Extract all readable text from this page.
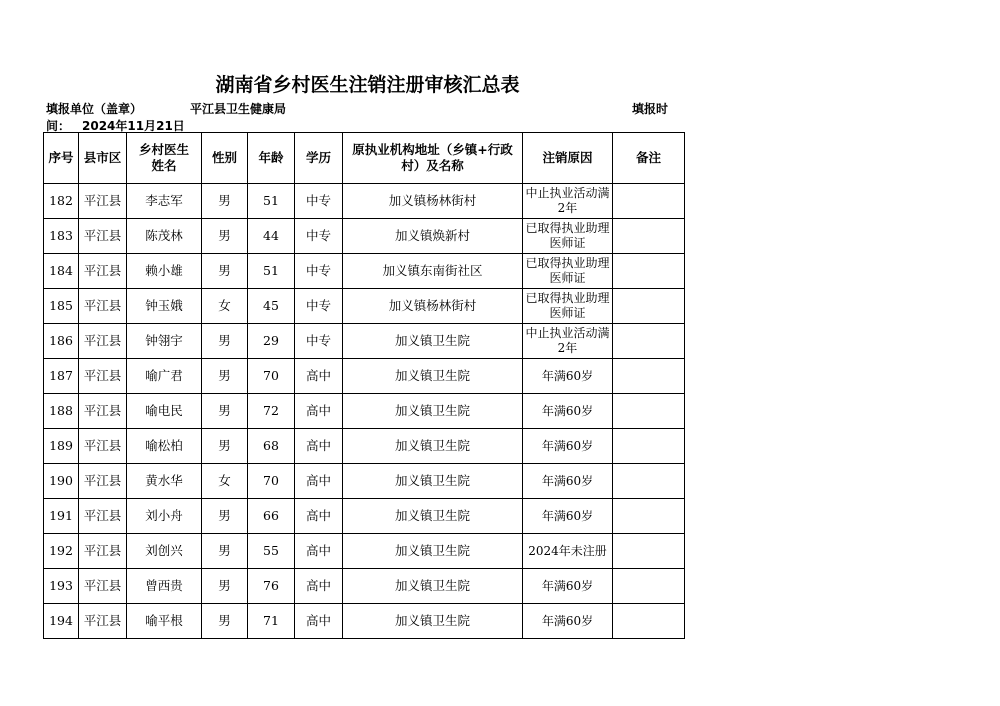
湖南省乡村医生注销注册审核汇总表
填报单位（盖章）	平江县卫生健康局	填报时
间： 2024年11月21日
序号	县市区	乡村医生姓名	性别	年龄	学历	原执业机构地址（乡镇+行政村）及名称	注销原因	备注
182	平江县	李志军	男	51	中专	加义镇杨林街村	中止执业活动满2年	
183	平江县	陈茂林	男	44	中专	加义镇焕新村	已取得执业助理医师证	
184	平江县	赖小雄	男	51	中专	加义镇东南街社区	已取得执业助理医师证	
185	平江县	钟玉娥	女	45	中专	加义镇杨林街村	已取得执业助理医师证	
186	平江县	钟翎宇	男	29	中专	加义镇卫生院	中止执业活动满2年	
187	平江县	喻广君	男	70	高中	加义镇卫生院	年满60岁	
188	平江县	喻电民	男	72	高中	加义镇卫生院	年满60岁	
189	平江县	喻松柏	男	68	高中	加义镇卫生院	年满60岁	
190	平江县	黄水华	女	70	高中	加义镇卫生院	年满60岁	
191	平江县	刘小舟	男	66	高中	加义镇卫生院	年满60岁	
192	平江县	刘创兴	男	55	高中	加义镇卫生院	2024年未注册	
193	平江县	曾西贵	男	76	高中	加义镇卫生院	年满60岁	
194	平江县	喻平根	男	71	高中	加义镇卫生院	年满60岁	
